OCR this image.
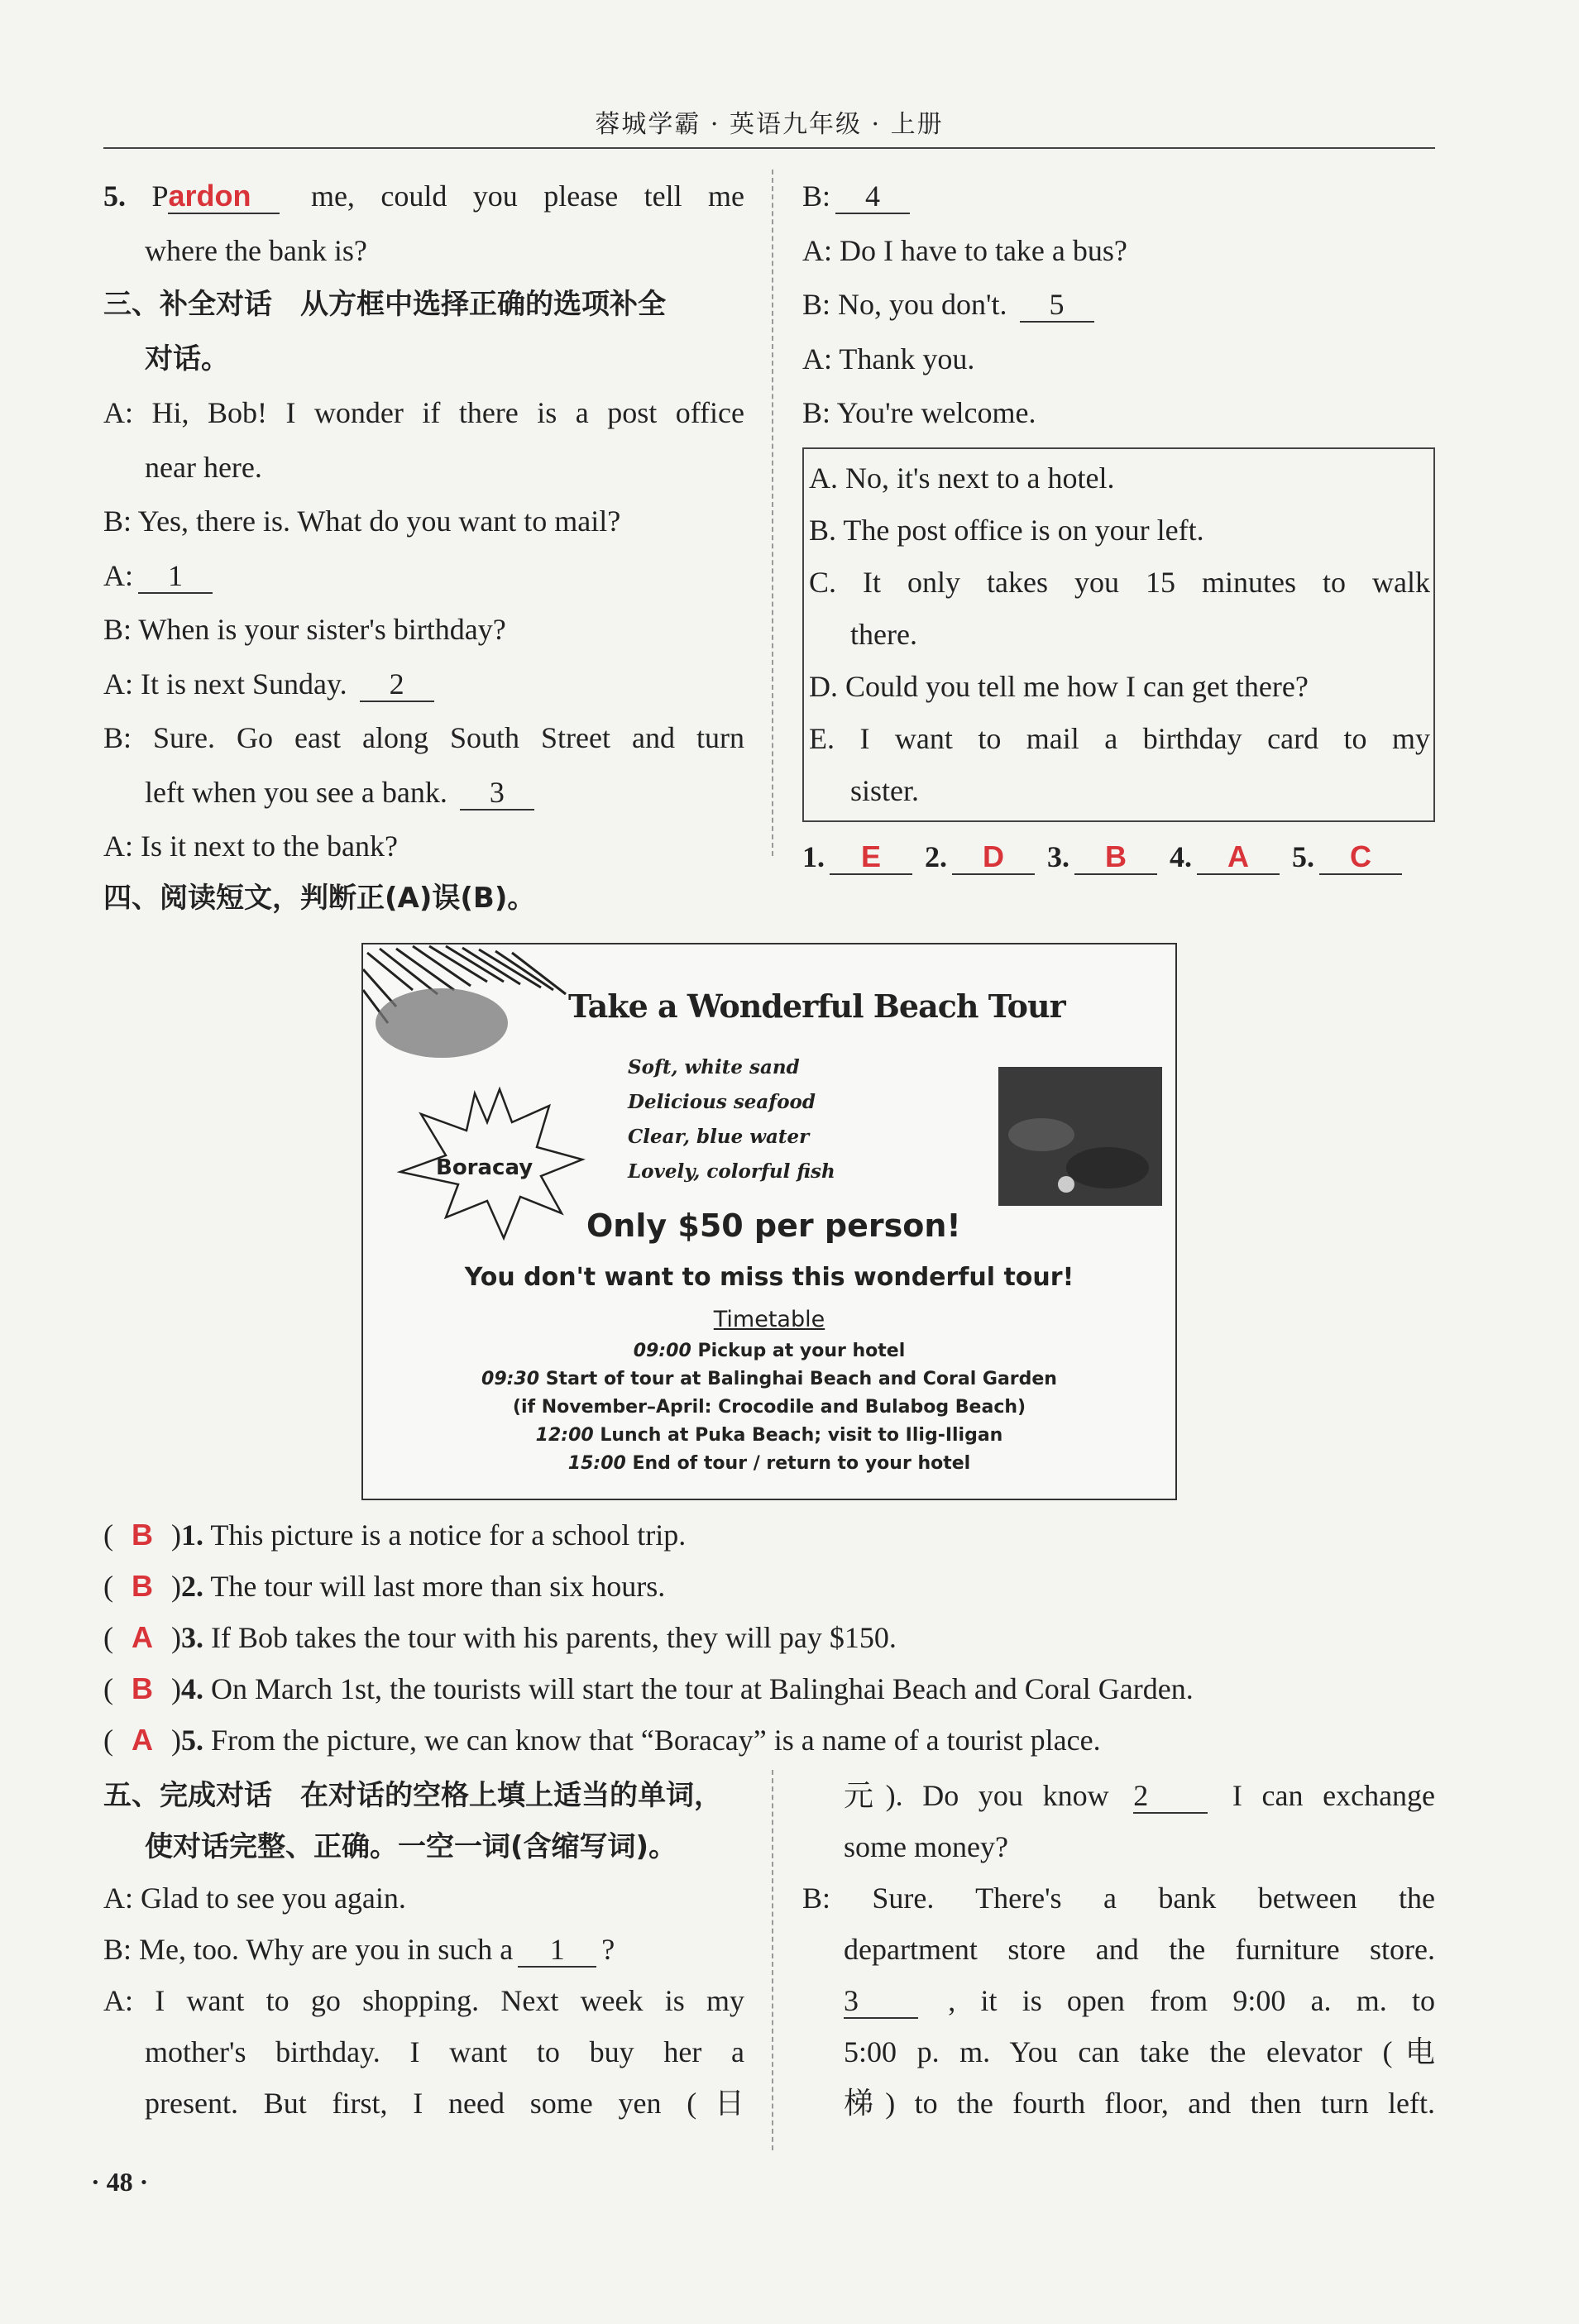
蓉城学霸 · 英语九年级 · 上册
5. Pardon me, could you please tell me
where the bank is?
三、补全对话　从方框中选择正确的选项补全
对话。
A: Hi, Bob! I wonder if there is a post office
near here.
B: Yes, there is. What do you want to mail?
A: 1
B: When is your sister's birthday?
A: It is next Sunday. 2
B: Sure. Go east along South Street and turn
left when you see a bank. 3
A: Is it next to the bank?
B: 4
A: Do I have to take a bus?
B: No, you don't. 5
A: Thank you.
B: You're welcome.
A. No, it's next to a hotel.
B. The post office is on your left.
C. It only takes you 15 minutes to walk
there.
D. Could you tell me how I can get there?
E. I want to mail a birthday card to my
sister.
1. E 2. D 3. B 4. A 5. C
四、阅读短文，判断正(A)误(B)。
Take a Wonderful Beach Tour
Soft, white sand
Delicious seafood
Clear, blue water
Lovely, colorful fish
Boracay
Only $50 per person!
You don't want to miss this wonderful tour!
Timetable
09:00 Pickup at your hotel
09:30 Start of tour at Balinghai Beach and Coral Garden
(if November–April: Crocodile and Bulabog Beach)
12:00 Lunch at Puka Beach; visit to Ilig-Iligan
15:00 End of tour / return to your hotel
( B )1. This picture is a notice for a school trip.
( B )2. The tour will last more than six hours.
( A )3. If Bob takes the tour with his parents, they will pay $150.
( B )4. On March 1st, the tourists will start the tour at Balinghai Beach and Coral Garden.
( A )5. From the picture, we can know that “Boracay” is a name of a tourist place.
五、完成对话　在对话的空格上填上适当的单词，
使对话完整、正确。一空一词(含缩写词)。
A: Glad to see you again.
B: Me, too. Why are you in such a 1 ?
A: I want to go shopping. Next week is my
mother's birthday. I want to buy her a
present. But first, I need some yen (日
元). Do you know 2	I can exchange
some money?
B: Sure. There's a bank between the
department store and the furniture store.
3	, it is open from 9:00 a. m. to
5:00 p. m. You can take the elevator (电
梯) to the fourth floor, and then turn left.
· 48 ·
